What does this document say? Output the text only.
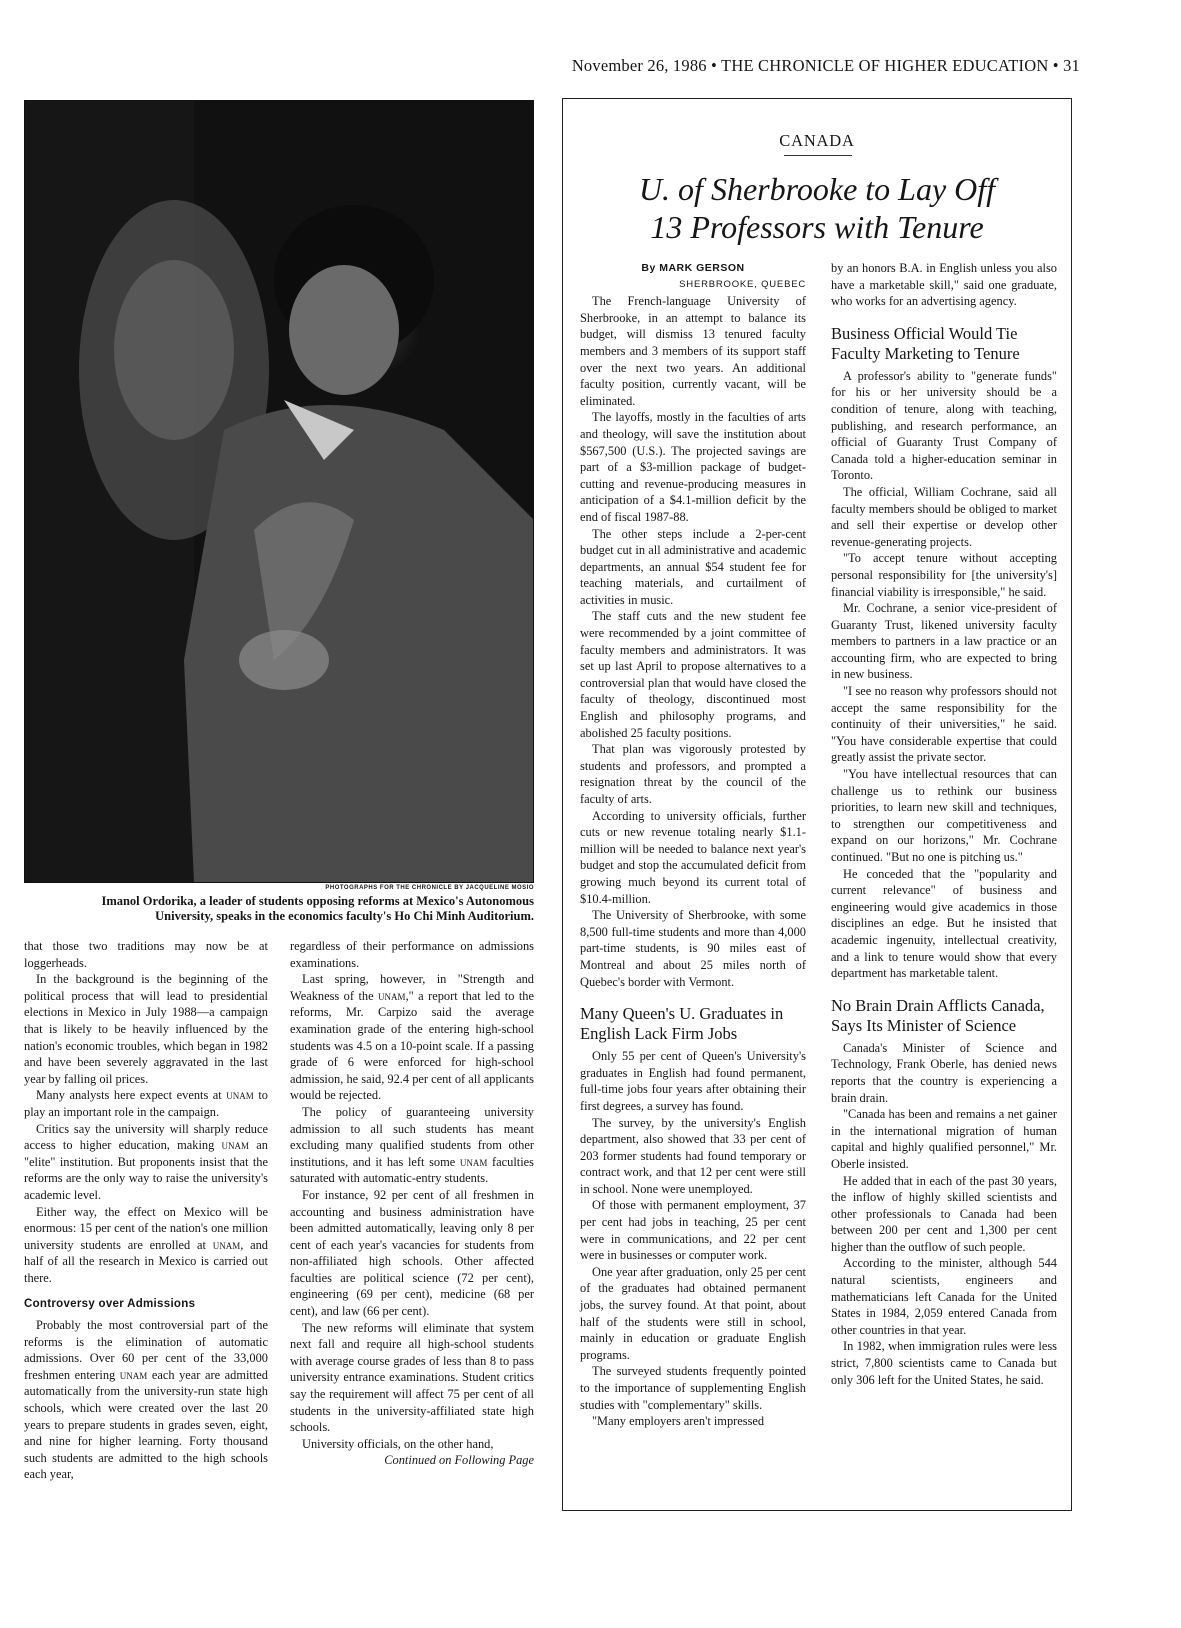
November 26, 1986 • THE CHRONICLE OF HIGHER EDUCATION • 31
PHOTOGRAPHS FOR THE CHRONICLE BY JACQUELINE MOSIO
Imanol Ordorika, a leader of students opposing reforms at Mexico's Autonomous
University, speaks in the economics faculty's Ho Chi Minh Auditorium.

that those two traditions may now be at loggerheads.

In the background is the beginning of the political process that will lead to presidential elections in Mexico in July 1988—a campaign that is likely to be heavily influenced by the nation's economic troubles, which began in 1982 and have been severely aggravated in the last year by falling oil prices.

Many analysts here expect events at unam to play an important role in the campaign.

Critics say the university will sharply reduce access to higher education, making unam an "elite" institution. But proponents insist that the reforms are the only way to raise the university's academic level.

Either way, the effect on Mexico will be enormous: 15 per cent of the nation's one million university students are enrolled at unam, and half of all the research in Mexico is carried out there.

Controversy over Admissions

Probably the most controversial part of the reforms is the elimination of automatic admissions. Over 60 per cent of the 33,000 freshmen entering unam each year are admitted automatically from the university-run state high schools, which were created over the last 20 years to prepare students in grades seven, eight, and nine for higher learning. Forty thousand such students are admitted to the high schools each year,

regardless of their performance on admissions examinations.

Last spring, however, in "Strength and Weakness of the unam," a report that led to the reforms, Mr. Carpizo said the average examination grade of the entering high-school students was 4.5 on a 10-point scale. If a passing grade of 6 were enforced for high-school admission, he said, 92.4 per cent of all applicants would be rejected.

The policy of guaranteeing university admission to all such students has meant excluding many qualified students from other institutions, and it has left some unam faculties saturated with automatic-entry students.

For instance, 92 per cent of all freshmen in accounting and business administration have been admitted automatically, leaving only 8 per cent of each year's vacancies for students from non-affiliated high schools. Other affected faculties are political science (72 per cent), engineering (69 per cent), medicine (68 per cent), and law (66 per cent).

The new reforms will eliminate that system next fall and require all high-school students with average course grades of less than 8 to pass university entrance examinations. Student critics say the requirement will affect 75 per cent of all students in the university-affiliated state high schools.

University officials, on the other hand,

Continued on Following Page

CANADA
U. of Sherbrooke to Lay Off
13 Professors with Tenure
By MARK GERSON
SHERBROOKE, QUEBEC

The French-language University of Sherbrooke, in an attempt to balance its budget, will dismiss 13 tenured faculty members and 3 members of its support staff over the next two years. An additional faculty position, currently vacant, will be eliminated.

The layoffs, mostly in the faculties of arts and theology, will save the institution about $567,500 (U.S.). The projected savings are part of a $3-million package of budget-cutting and revenue-producing measures in anticipation of a $4.1-million deficit by the end of fiscal 1987-88.

The other steps include a 2-per-cent budget cut in all administrative and academic departments, an annual $54 student fee for teaching materials, and curtailment of activities in music.

The staff cuts and the new student fee were recommended by a joint committee of faculty members and administrators. It was set up last April to propose alternatives to a controversial plan that would have closed the faculty of theology, discontinued most English and philosophy programs, and abolished 25 faculty positions.

That plan was vigorously protested by students and professors, and prompted a resignation threat by the council of the faculty of arts.

According to university officials, further cuts or new revenue totaling nearly $1.1-million will be needed to balance next year's budget and stop the accumulated deficit from growing much beyond its current total of $10.4-million.

The University of Sherbrooke, with some 8,500 full-time students and more than 4,000 part-time students, is 90 miles east of Montreal and about 25 miles north of Quebec's border with Vermont.

Many Queen's U. Graduates in English Lack Firm Jobs

Only 55 per cent of Queen's University's graduates in English had found permanent, full-time jobs four years after obtaining their first degrees, a survey has found.

The survey, by the university's English department, also showed that 33 per cent of 203 former students had found temporary or contract work, and that 12 per cent were still in school. None were unemployed.

Of those with permanent employment, 37 per cent had jobs in teaching, 25 per cent were in communications, and 22 per cent were in businesses or computer work.

One year after graduation, only 25 per cent of the graduates had obtained permanent jobs, the survey found. At that point, about half of the students were still in school, mainly in education or graduate English programs.

The surveyed students frequently pointed to the importance of supplementing English studies with "complementary" skills.

"Many employers aren't impressed

by an honors B.A. in English unless you also have a marketable skill," said one graduate, who works for an advertising agency.

Business Official Would Tie Faculty Marketing to Tenure

A professor's ability to "generate funds" for his or her university should be a condition of tenure, along with teaching, publishing, and research performance, an official of Guaranty Trust Company of Canada told a higher-education seminar in Toronto.

The official, William Cochrane, said all faculty members should be obliged to market and sell their expertise or develop other revenue-generating projects.

"To accept tenure without accepting personal responsibility for [the university's] financial viability is irresponsible," he said.

Mr. Cochrane, a senior vice-president of Guaranty Trust, likened university faculty members to partners in a law practice or an accounting firm, who are expected to bring in new business.

"I see no reason why professors should not accept the same responsibility for the continuity of their universities," he said. "You have considerable expertise that could greatly assist the private sector.

"You have intellectual resources that can challenge us to rethink our business priorities, to learn new skill and techniques, to strengthen our competitiveness and expand on our horizons," Mr. Cochrane continued. "But no one is pitching us."

He conceded that the "popularity and current relevance" of business and engineering would give academics in those disciplines an edge. But he insisted that academic ingenuity, intellectual creativity, and a link to tenure would show that every department has marketable talent.

No Brain Drain Afflicts Canada, Says Its Minister of Science

Canada's Minister of Science and Technology, Frank Oberle, has denied news reports that the country is experiencing a brain drain.

"Canada has been and remains a net gainer in the international migration of human capital and highly qualified personnel," Mr. Oberle insisted.

He added that in each of the past 30 years, the inflow of highly skilled scientists and other professionals to Canada had been between 200 per cent and 1,300 per cent higher than the outflow of such people.

According to the minister, although 544 natural scientists, engineers and mathematicians left Canada for the United States in 1984, 2,059 entered Canada from other countries in that year.

In 1982, when immigration rules were less strict, 7,800 scientists came to Canada but only 306 left for the United States, he said.
